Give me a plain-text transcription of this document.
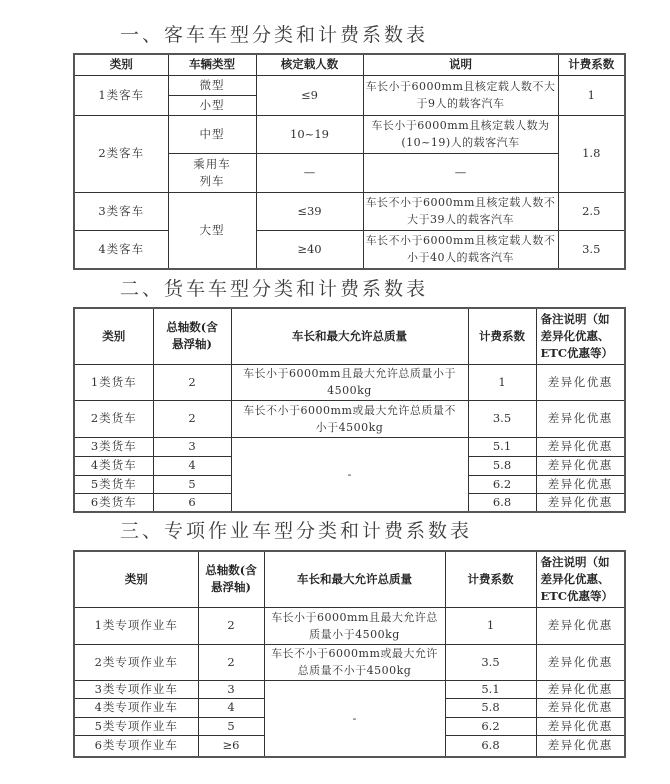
一、客车车型分类和计费系数表
类别	车辆类型	核定载人数	说明	计费系数
1类客车	微型	≤9	车长小于6000mm且核定载人数不大于9人的载客汽车	1
	小型			
2类客车	中型	10~19	车长小于6000mm且核定载人数为(10~19)人的载客汽车	1.8
	乘用车列车	—	—	
3类客车	大型	≤39	车长不小于6000mm且核定载人数不大于39人的载客汽车	2.5
4类客车		≥40	车长不小于6000mm且核定载人数不小于40人的载客汽车	3.5
二、货车车型分类和计费系数表
类别	总轴数(含悬浮轴)	车长和最大允许总质量	计费系数	备注说明（如差异化优惠、ETC优惠等）
1类货车	2	车长小于6000mm且最大允许总质量小于4500kg	1	差异化优惠
2类货车	2	车长不小于6000mm或最大允许总质量不小于4500kg	3.5	差异化优惠
3类货车	3	-	5.1	差异化优惠
4类货车	4		5.8	差异化优惠
5类货车	5		6.2	差异化优惠
6类货车	6		6.8	差异化优惠
三、专项作业车型分类和计费系数表
类别	总轴数(含悬浮轴)	车长和最大允许总质量	计费系数	备注说明（如差异化优惠、ETC优惠等）
1类专项作业车	2	车长小于6000mm且最大允许总质量小于4500kg	1	差异化优惠
2类专项作业车	2	车长不小于6000mm或最大允许总质量不小于4500kg	3.5	差异化优惠
3类专项作业车	3	-	5.1	差异化优惠
4类专项作业车	4		5.8	差异化优惠
5类专项作业车	5		6.2	差异化优惠
6类专项作业车	≥6		6.8	差异化优惠
